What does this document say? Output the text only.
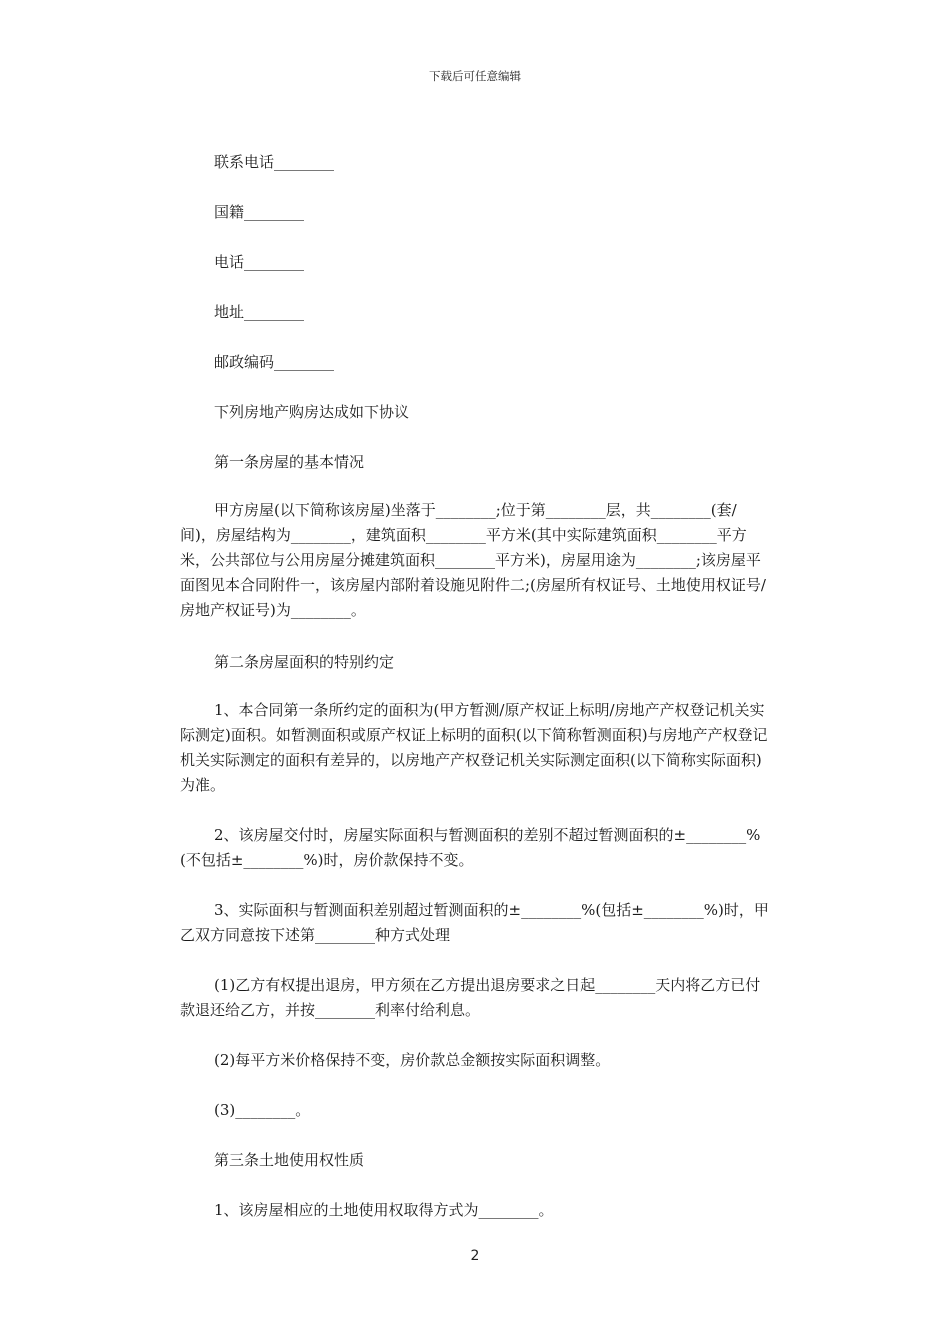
下载后可任意编辑
联系电话________
国籍________
电话________
地址________
邮政编码________
下列房地产购房达成如下协议
第一条房屋的基本情况
甲方房屋(以下简称该房屋)坐落于________;位于第________层，共________(套/间)，房屋结构为________，建筑面积________平方米(其中实际建筑面积________平方米，公共部位与公用房屋分摊建筑面积________平方米)，房屋用途为________;该房屋平面图见本合同附件一，该房屋内部附着设施见附件二;(房屋所有权证号、土地使用权证号/房地产权证号)为________。
第二条房屋面积的特别约定
1、本合同第一条所约定的面积为(甲方暂测/原产权证上标明/房地产产权登记机关实际测定)面积。如暂测面积或原产权证上标明的面积(以下简称暂测面积)与房地产产权登记机关实际测定的面积有差异的，以房地产产权登记机关实际测定面积(以下简称实际面积)为准。
2、该房屋交付时，房屋实际面积与暂测面积的差别不超过暂测面积的±________%(不包括±________%)时，房价款保持不变。
3、实际面积与暂测面积差别超过暂测面积的±________%(包括±________%)时，甲乙双方同意按下述第________种方式处理
(1)乙方有权提出退房，甲方须在乙方提出退房要求之日起________天内将乙方已付款退还给乙方，并按________利率付给利息。
(2)每平方米价格保持不变，房价款总金额按实际面积调整。
(3)________。
第三条土地使用权性质
1、该房屋相应的土地使用权取得方式为________。
2
